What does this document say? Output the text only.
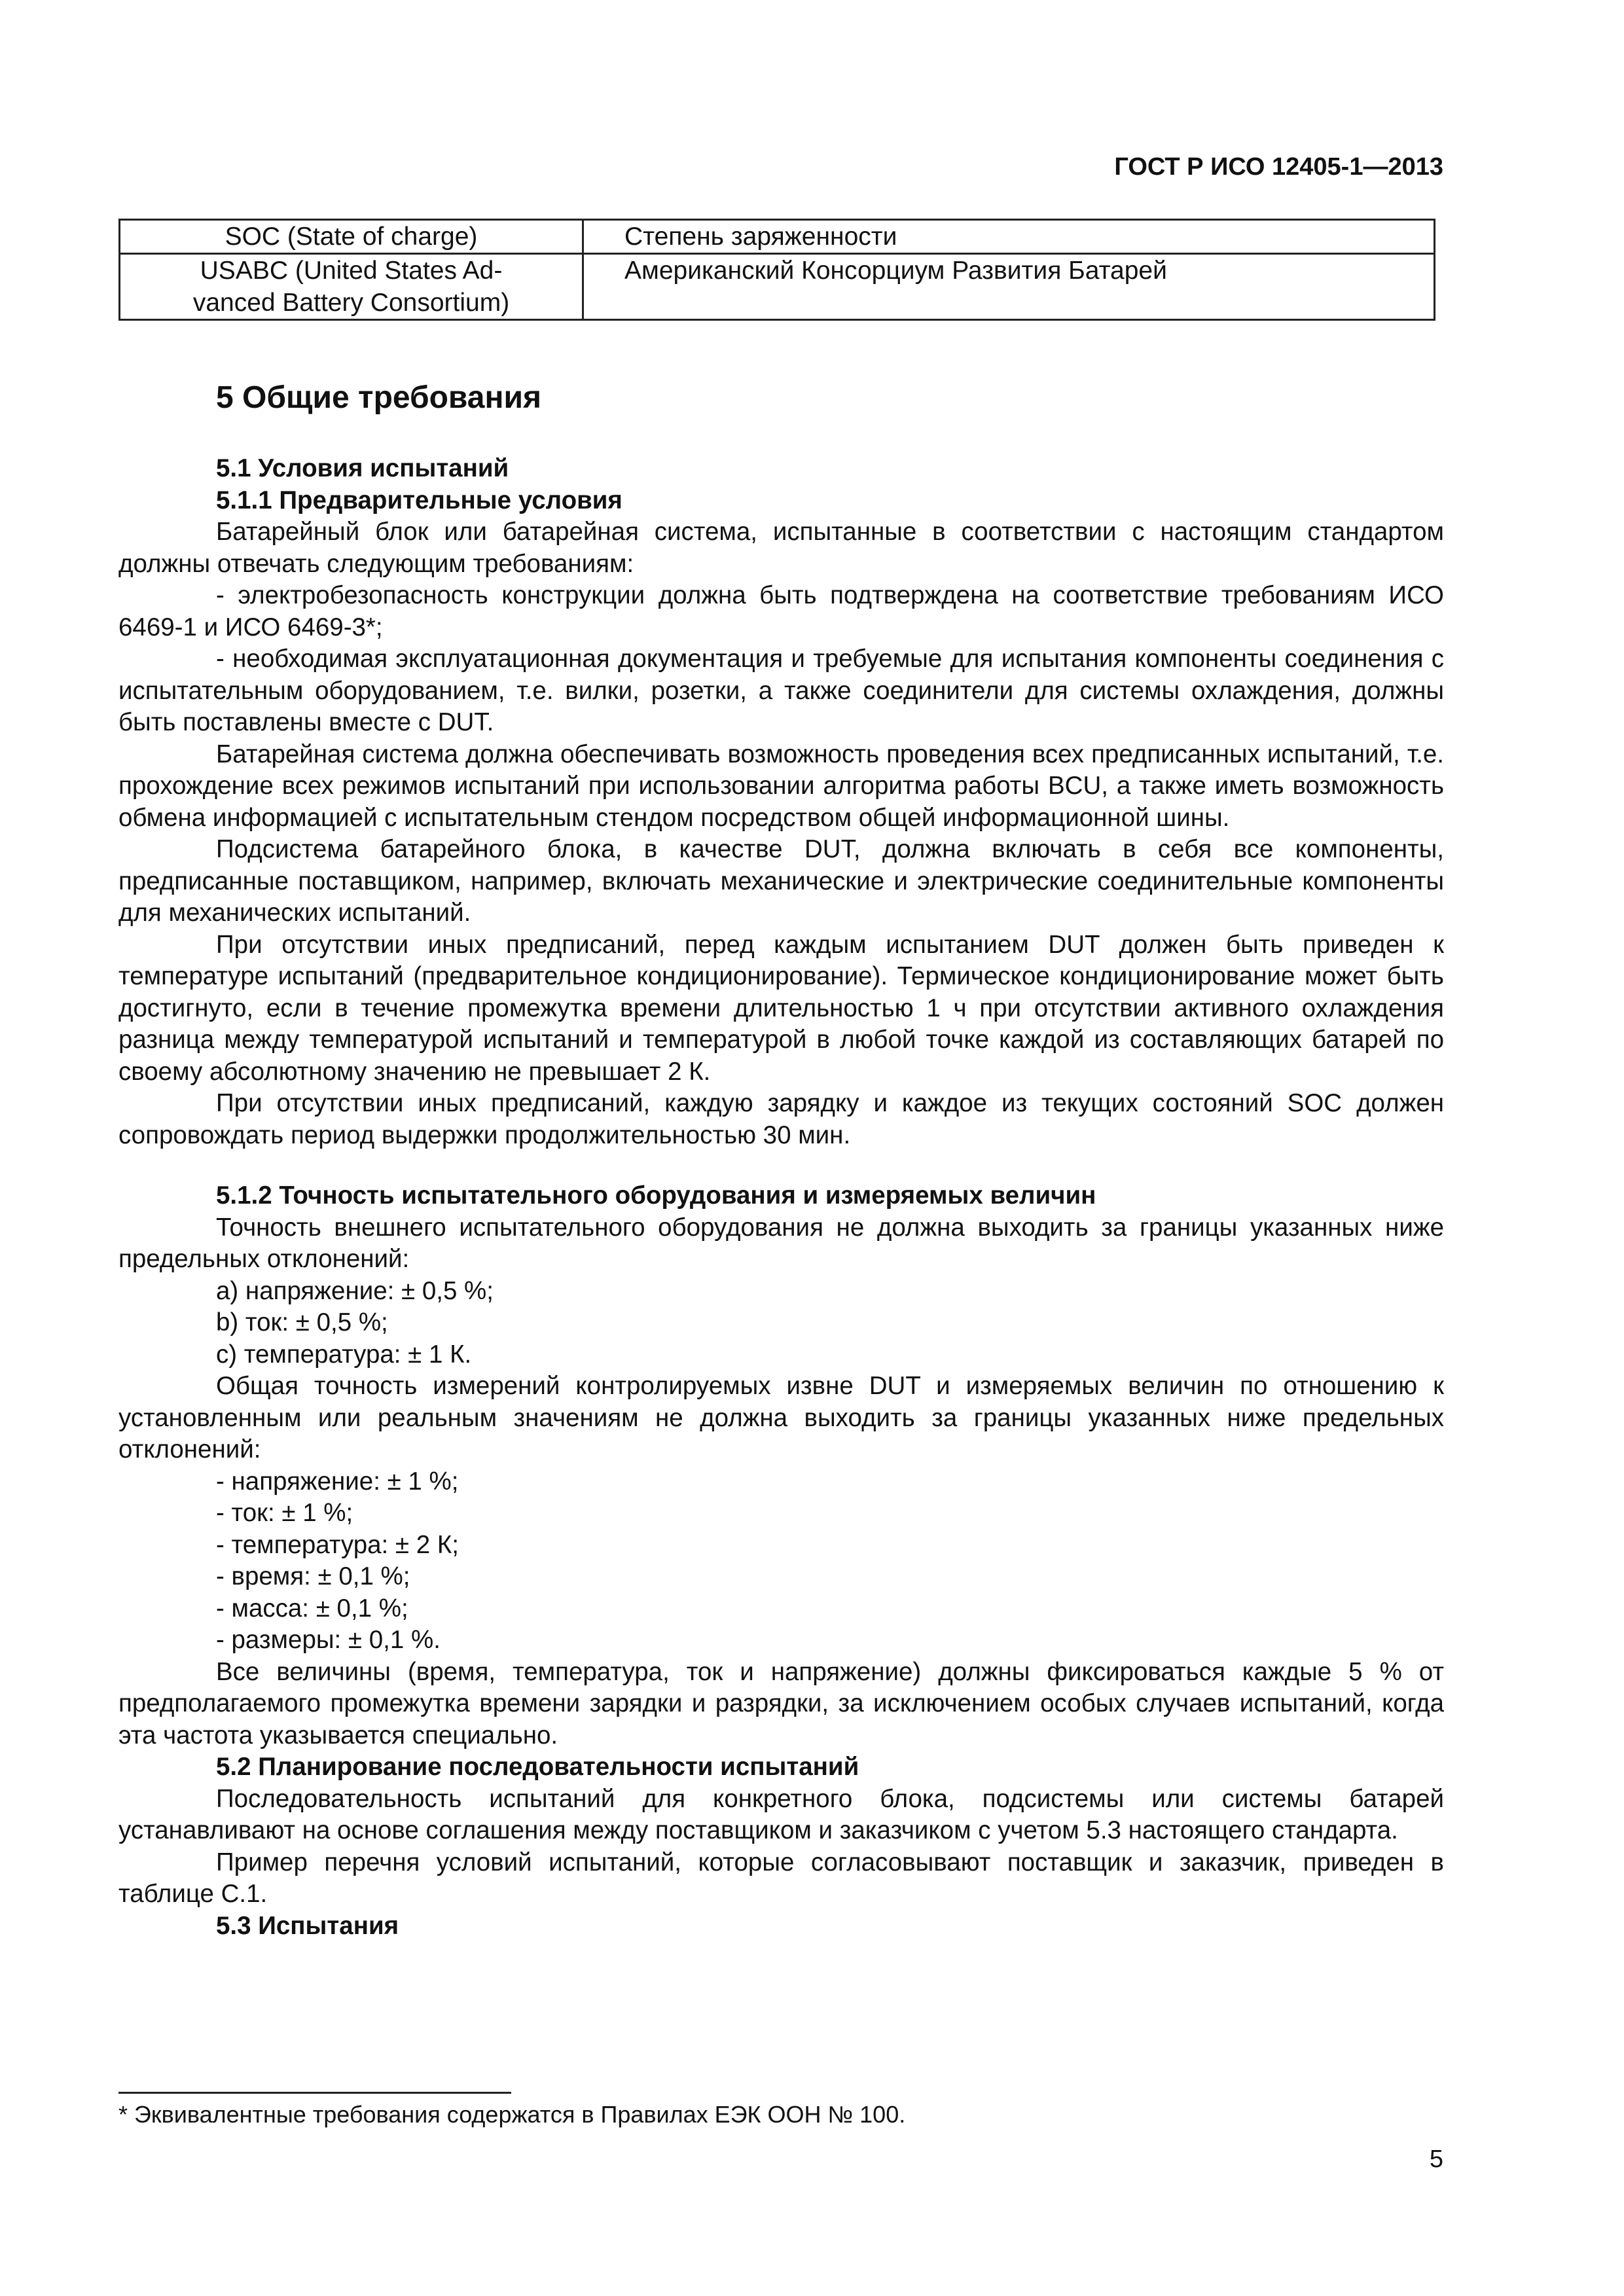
ГОСТ Р ИСО 12405-1—2013
SOC (State of charge)	Степень заряженности

USABC (United States Ad-
vanced Battery Consortium)	Американский Консорциум Развития Батарей
5 Общие требования

5.1 Условия испытаний

5.1.1 Предварительные условия

Батарейный блок или батарейная система, испытанные в соответствии с настоящим стандартом должны отвечать следующим требованиям:

- электробезопасность конструкции должна быть подтверждена на соответствие требованиям ИСО 6469-1 и ИСО 6469-3*;

- необходимая эксплуатационная документация и требуемые для испытания компоненты соединения с испытательным оборудованием, т.е. вилки, розетки, а также соединители для системы охлаждения, должны быть поставлены вместе с DUT.

Батарейная система должна обеспечивать возможность проведения всех предписанных испытаний, т.е. прохождение всех режимов испытаний при использовании алгоритма работы BCU, а также иметь возможность обмена информацией с испытательным стендом посредством общей информационной шины.

Подсистема батарейного блока, в качестве DUT, должна включать в себя все компоненты, предписанные поставщиком, например, включать механические и электрические соединительные компоненты для механических испытаний.

При отсутствии иных предписаний, перед каждым испытанием DUT должен быть приведен к температуре испытаний (предварительное кондиционирование). Термическое кондиционирование может быть достигнуто, если в течение промежутка времени длительностью 1 ч при отсутствии активного охлаждения разница между температурой испытаний и температурой в любой точке каждой из составляющих батарей по своему абсолютному значению не превышает 2 К.

При отсутствии иных предписаний, каждую зарядку и каждое из текущих состояний SOC должен сопровождать период выдержки продолжительностью 30 мин.

5.1.2 Точность испытательного оборудования и измеряемых величин

Точность внешнего испытательного оборудования не должна выходить за границы указанных ниже предельных отклонений:

a) напряжение: ± 0,5 %;

b) ток: ± 0,5 %;

c) температура: ± 1 К.

Общая точность измерений контролируемых извне DUT и измеряемых величин по отношению к установленным или реальным значениям не должна выходить за границы указанных ниже предельных отклонений:

- напряжение: ± 1 %;

- ток: ± 1 %;

- температура: ± 2 К;

- время: ± 0,1 %;

- масса: ± 0,1 %;

- размеры: ± 0,1 %.

Все величины (время, температура, ток и напряжение) должны фиксироваться каждые 5 % от предполагаемого промежутка времени зарядки и разрядки, за исключением особых случаев испытаний, когда эта частота указывается специально.

5.2 Планирование последовательности испытаний

Последовательность испытаний для конкретного блока, подсистемы или системы батарей устанавливают на основе соглашения между поставщиком и заказчиком с учетом 5.3 настоящего стандарта.

Пример перечня условий испытаний, которые согласовывают поставщик и заказчик, приведен в таблице С.1.

5.3 Испытания

* Эквивалентные требования содержатся в Правилах ЕЭК ООН № 100.
5
